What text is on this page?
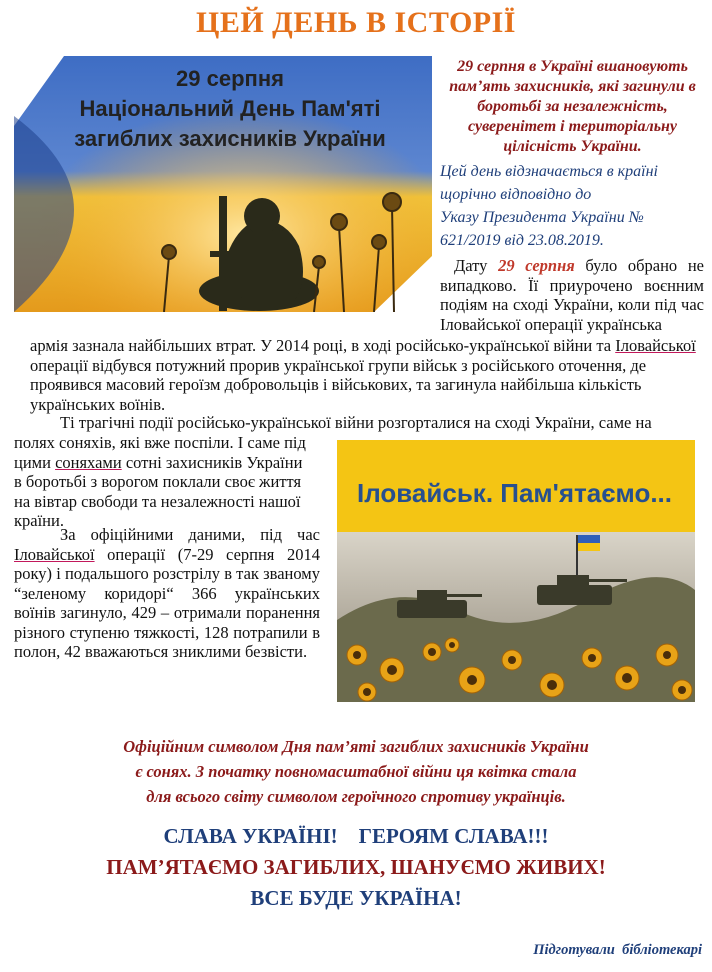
ЦЕЙ ДЕНЬ В ІСТОРІЇ
29 серпня
Національний День Пам'яті
загиблих захисників України
29 серпня в Україні вшановують пам’ять захисників, які загинули в боротьбі за незалежність, суверенітет і територіальну цілісність України.
Цей день відзначається в країні
щорічно відповідно до
Указу Президента України №
621/2019 від 23.08.2019.
Дату 29 серпня було обрано не випадково. Її приурочено воєнним подіям на сході України, коли під час Іловайської операції українська
армія зазнала найбільших втрат. У 2014 році, в ході російсько-української війни та Іловайської операції відбувся потужний прорив української групи військ з російського оточення, де проявився масовий героїзм добровольців і військових, та загинула найбільша кількість українських воїнів.
Ті трагічні події російсько-української війни розгорталися на сході України, саме на
полях соняхів, які вже поспіли. І саме під цими соняхами сотні захисників України в боротьбі з ворогом поклали своє життя на вівтар свободи та незалежності нашої країни.
За офіційними даними, під час Іловайської операції (7-29 серпня 2014 року) і подальшого розстрілу в так званому “зеленому коридорі“ 366 українських воїнів загинуло, 429 – отримали поранення різного ступеню тяжкості, 128 потрапили в полон, 42 вважаються зниклими безвісти.
Іловайськ. Пам'ятаємо...
Офіційним символом Дня пам’яті загиблих захисників України
є сонях. З початку повномасштабної війни ця квітка стала
для всього світу символом героїчного спротиву українців.
СЛАВА УКРАЇНІ!    ГЕРОЯМ СЛАВА!!!
ПАМ’ЯТАЄМО ЗАГИБЛИХ, ШАНУЄМО ЖИВИХ!
ВСЕ БУДЕ УКРАЇНА!
Підготували  бібліотекарі
